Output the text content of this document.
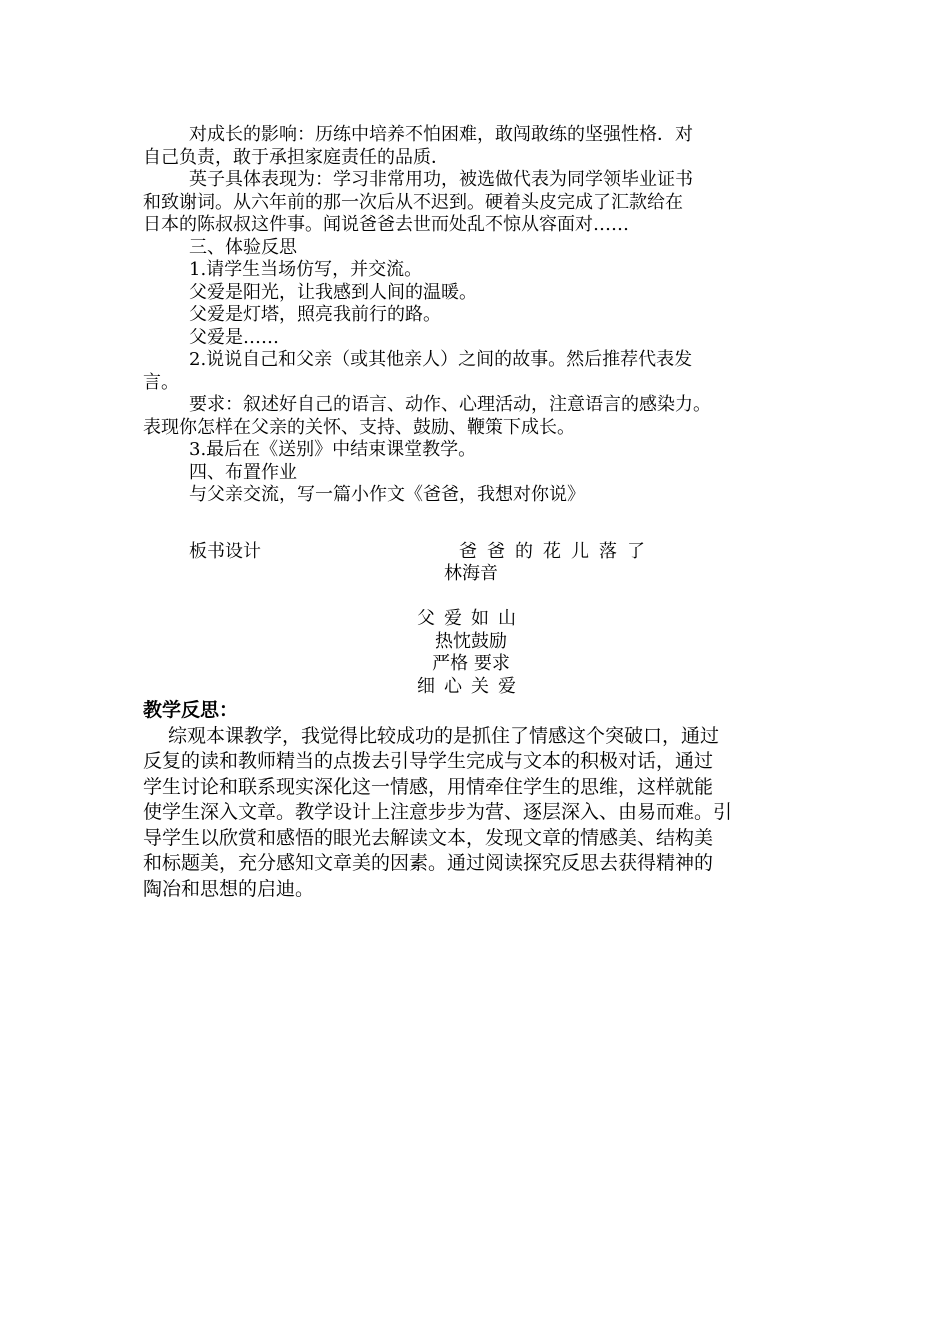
对成长的影响：历练中培养不怕困难，敢闯敢练的坚强性格．对
自己负责，敢于承担家庭责任的品质．
英子具体表现为：学习非常用功，被选做代表为同学领毕业证书
和致谢词。从六年前的那一次后从不迟到。硬着头皮完成了汇款给在
日本的陈叔叔这件事。闻说爸爸去世而处乱不惊从容面对……
三、体验反思
1.请学生当场仿写，并交流。
父爱是阳光，让我感到人间的温暖。
父爱是灯塔，照亮我前行的路。
父爱是……
2.说说自己和父亲（或其他亲人）之间的故事。然后推荐代表发
言。
要求：叙述好自己的语言、动作、心理活动，注意语言的感染力。
表现你怎样在父亲的关怀、支持、鼓励、鞭策下成长。
3.最后在《送别》中结束课堂教学。
四、布置作业
与父亲交流，写一篇小作文《爸爸，我想对你说》
板书设计	爸爸的花儿落了
林海音
父爱如山
热忱鼓励
严格 要求
细心关爱
教学反思：
综观本课教学，我觉得比较成功的是抓住了情感这个突破口，通过
反复的读和教师精当的点拨去引导学生完成与文本的积极对话，通过
学生讨论和联系现实深化这一情感，用情牵住学生的思维，这样就能
使学生深入文章。教学设计上注意步步为营、逐层深入、由易而难。引
导学生以欣赏和感悟的眼光去解读文本，发现文章的情感美、结构美
和标题美，充分感知文章美的因素。通过阅读探究反思去获得精神的
陶冶和思想的启迪。
